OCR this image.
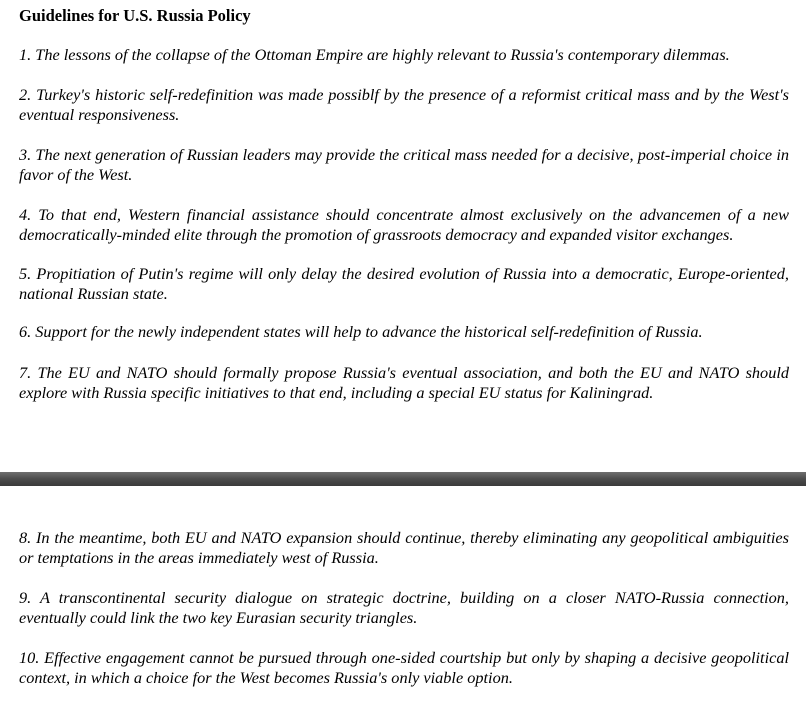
Guidelines for U.S. Russia Policy

1. The lessons of the collapse of the Ottoman Empire are highly relevant to Russia's contemporary dilemmas.

2. Turkey's historic self-redefinition was made possiblf by the presence of a reformist critical mass and by the West's eventual responsiveness.

3. The next generation of Russian leaders may provide the critical mass needed for a decisive, post-imperial choice in favor of the West.

4. To that end, Western financial assistance should concentrate almost exclusively on the advancemen of a new democratically-minded elite through the promotion of grassroots democracy and expanded visitor exchanges.

5. Propitiation of Putin's regime will only delay the desired evolution of Russia into a democratic, Europe-oriented, national Russian state.

6. Support for the newly independent states will help to advance the historical self-redefinition of Russia.

7. The EU and NATO should formally propose Russia's eventual association, and both the EU and NATO should explore with Russia specific initiatives to that end, including a special EU status for Kaliningrad.

8. In the meantime, both EU and NATO expansion should continue, thereby eliminating any geopolitical ambiguities or temptations in the areas immediately west of Russia.

9. A transcontinental security dialogue on strategic doctrine, building on a closer NATO-Russia connection, eventually could link the two key Eurasian security triangles.

10. Effective engagement cannot be pursued through one-sided courtship but only by shaping a decisive geopolitical context, in which a choice for the West becomes Russia's only viable option.
